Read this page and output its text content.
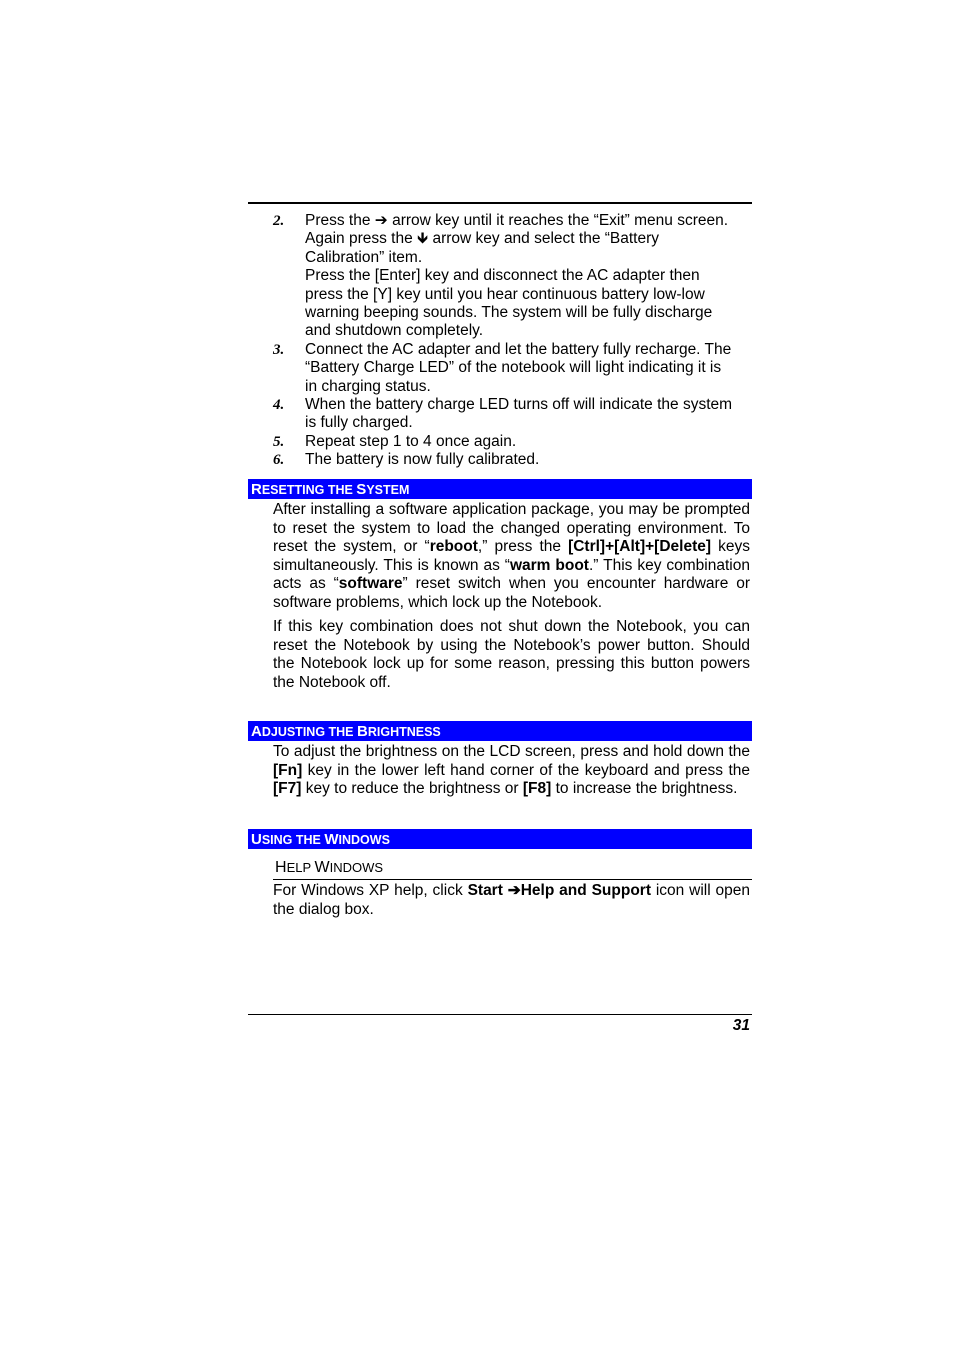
2.	Press the ➔ arrow key until it reaches the “Exit” menu screen.
Again press the 🡻 arrow key and select the “Battery
Calibration” item.
Press the [Enter] key and disconnect the AC adapter then
press the [Y] key until you hear continuous battery low-low
warning beeping sounds. The system will be fully discharge
and shutdown completely.
3.	Connect the AC adapter and let the battery fully recharge. The
“Battery Charge LED” of the notebook will light indicating it is
in charging status.
4.	When the battery charge LED turns off will indicate the system
is fully charged.
5.	Repeat step 1 to 4 once again.
6.	The battery is now fully calibrated.
RESETTING THE SYSTEM

After installing a software application package, you may be prompted to reset the system to load the changed operating environment. To reset the system, or “reboot,” press the [Ctrl]+[Alt]+[Delete] keys simultaneously. This is known as “warm boot.” This key combination acts as “software” reset switch when you encounter hardware or software problems, which lock up the Notebook.

If this key combination does not shut down the Notebook, you can reset the Notebook by using the Notebook’s power button. Should the Notebook lock up for some reason, pressing this button powers the Notebook off.

ADJUSTING THE BRIGHTNESS

To adjust the brightness on the LCD screen, press and hold down the [Fn] key in the lower left hand corner of the keyboard and press the [F7] key to reduce the brightness or [F8] to increase the brightness.

USING THE WINDOWS
HELP WINDOWS

For Windows XP help, click Start ➔Help and Support icon will open the dialog box.

31
